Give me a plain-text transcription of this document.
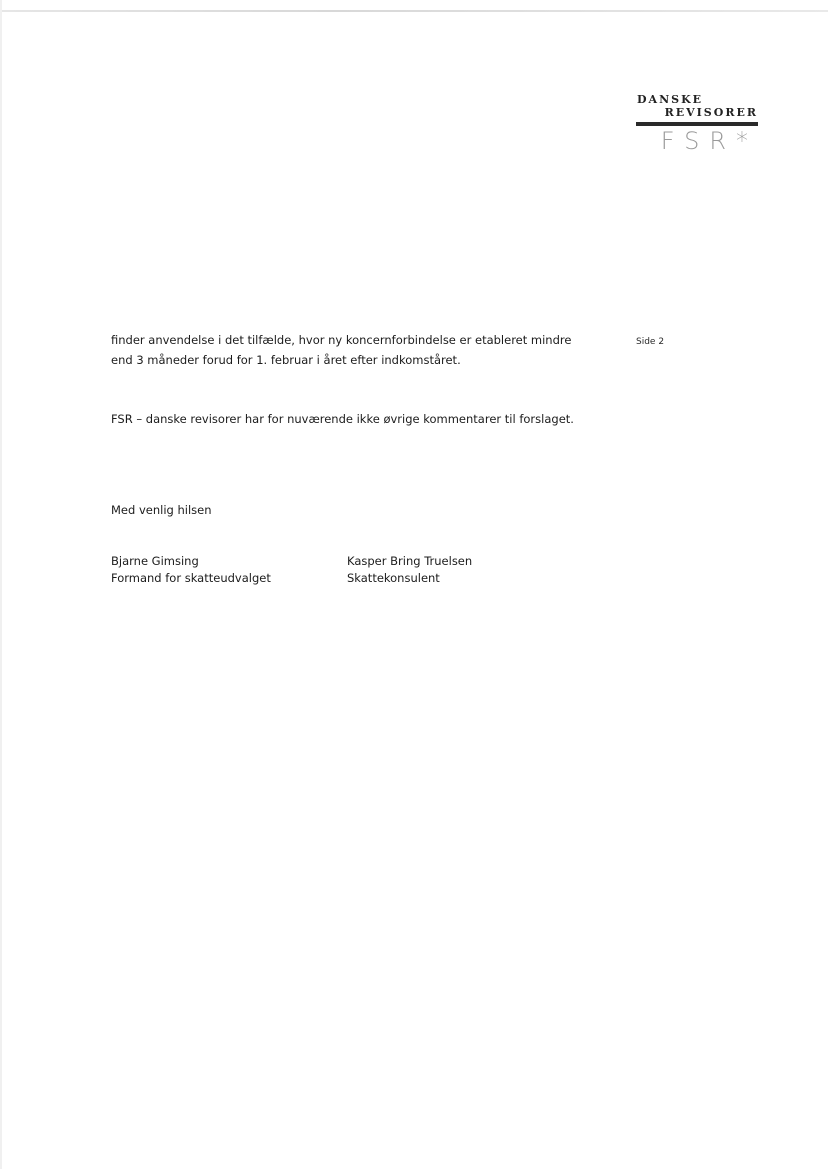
DANSKE
REVISORER
FSR*
Side 2
finder anvendelse i det tilfælde, hvor ny koncernforbindelse er etableret mindre
end 3 måneder forud for 1. februar i året efter indkomståret.
FSR – danske revisorer har for nuværende ikke øvrige kommentarer til forslaget.
Med venlig hilsen
Bjarne Gimsing
Formand for skatteudvalget
Kasper Bring Truelsen
Skattekonsulent
